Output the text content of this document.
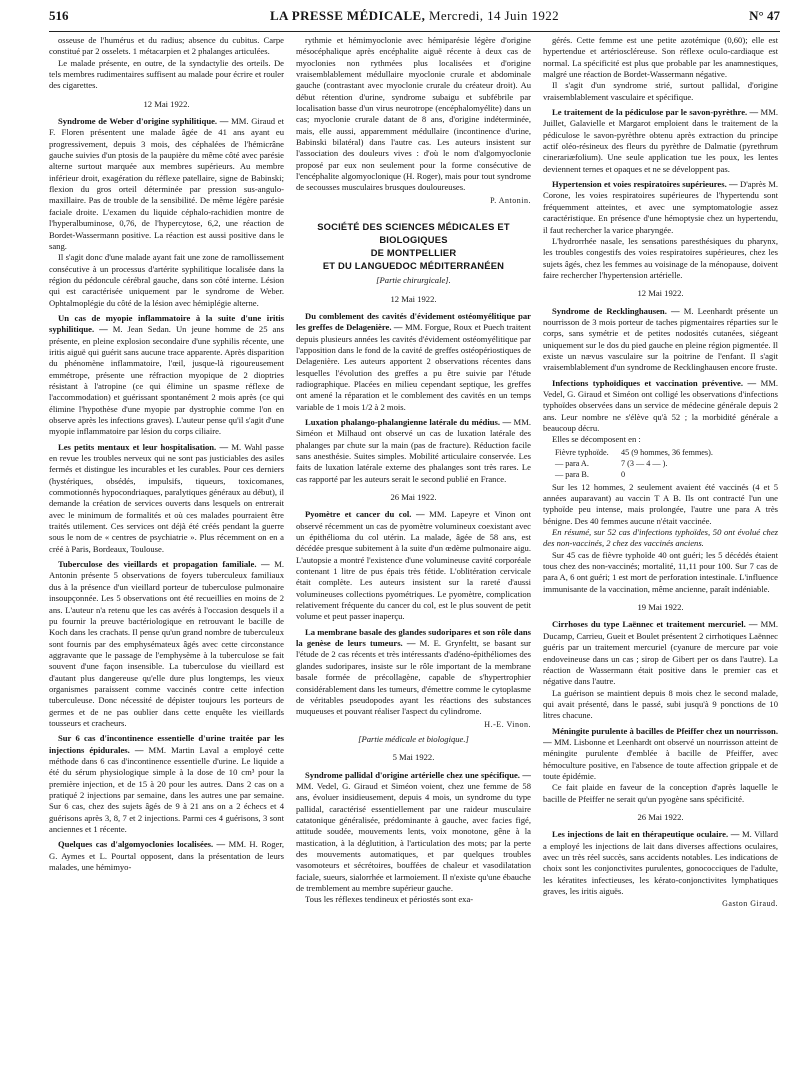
516	LA PRESSE MÉDICALE, Mercredi, 14 Juin 1922	N° 47

osseuse de l'humérus et du radius; absence du cubitus. Carpe constitué par 2 osselets. 1 métacarpien et 2 phalanges articulées.

Le malade présente, en outre, de la syndactylie des orteils. De tels membres rudimentaires suffisent au malade pour écrire et rouler des cigarettes.

12 Mai 1922.

Syndrome de Weber d'origine syphilitique. — MM. Giraud et F. Floren présentent une malade âgée de 41 ans ayant eu progressivement, depuis 3 mois, des céphalées de l'hémicrâne gauche suivies d'un ptosis de la paupière du même côté avec parésie alterne surtout marquée aux membres supérieurs. Au membre inférieur droit, exagération du réflexe patellaire, signe de Babinski; flexion du gros orteil déterminée par pression sus-angulo-maxillaire. Pas de trouble de la sensibilité. De même légère parésie faciale droite. L'examen du liquide céphalo-rachidien montre de l'hyperalbuminose, 0,76, de l'hypercytose, 6,2, une réaction de Bordet-Wassermann positive. La réaction est aussi positive dans le sang.

Il s'agit donc d'une malade ayant fait une zone de ramollissement consécutive à un processus d'artérite syphilitique localisée dans la région du pédoncule cérébral gauche, dans son côté interne. Lésion qui est caractérisée uniquement par le syndrome de Weber. Ophtalmoplégie du côté de la lésion avec hémiplégie alterne.

Un cas de myopie inflammatoire à la suite d'une iritis syphilitique. — M. Jean Sedan. Un jeune homme de 25 ans présente, en pleine explosion secondaire d'une syphilis récente, une iritis aiguë qui guérit sans aucune trace apparente. Après disparition du phénomène inflammatoire, l'œil, jusque-là rigoureusement emmétrope, présente une réfraction myopique de 2 dioptries résistant à l'atropine (ce qui élimine un spasme réflexe de l'accommodation) et guérissant spontanément 2 mois après (ce qui élimine l'hypothèse d'une myopie par dystrophie comme l'on en observe après les infections graves). L'auteur pense qu'il s'agit d'une myopie inflammatoire par lésion du corps ciliaire.

Les petits mentaux et leur hospitalisation. — M. Wahl passe en revue les troubles nerveux qui ne sont pas justiciables des asiles fermés et distingue les incurables et les curables. Pour ces derniers (hystériques, obsédés, impulsifs, tiqueurs, toxicomanes, commotionnés hypocondriaques, paralytiques généraux au début), il demande la création de services ouverts dans lesquels on entrerait avec le minimum de formalités et où ces malades pourraient être traités utilement. Ces services ont déjà été créés pendant la guerre sous le nom de « centres de psychiatrie ». Plus récemment on en a créé à Paris, Bordeaux, Toulouse.

Tuberculose des vieillards et propagation familiale. — M. Antonin présente 5 observations de foyers tuberculeux familiaux dus à la présence d'un vieillard porteur de tuberculose pulmonaire insoupçonnée. Les 5 observations ont été recueillies en moins de 2 ans. L'auteur n'a retenu que les cas avérés à l'occasion desquels il a pu fournir la preuve bactériologique en retrouvant le bacille de Koch dans les crachats. Il pense qu'un grand nombre de tuberculeux sont fournis par des emphysémateux âgés avec cette circonstance aggravante que le passage de l'emphysème à la tuberculose se fait souvent d'une façon insensible. La tuberculose du vieillard est d'autant plus dangereuse qu'elle dure plus longtemps, les vieux organismes paraissent comme vaccinés contre cette infection tuberculeuse. Donc nécessité de dépister toujours les porteurs de germes et de ne pas oublier dans cette enquête les vieillards tousseurs et cracheurs.

Sur 6 cas d'incontinence essentielle d'urine traitée par les injections épidurales. — MM. Martin Laval a employé cette méthode dans 6 cas d'incontinence essentielle d'urine. Le liquide a été du sérum physiologique simple à la dose de 10 cm³ pour la première injection, et de 15 à 20 pour les autres. Dans 2 cas on a pratiqué 2 injections par semaine, dans les autres une par semaine. Sur 6 cas, chez des sujets âgés de 9 à 21 ans on a 2 échecs et 4 guérisons après 3, 8, 7 et 2 injections. Parmi ces 4 guérisons, 3 sont anciennes et 1 récente.

Quelques cas d'algomyoclonies localisées. — MM. H. Roger, G. Aymes et L. Pourtal opposent, dans la présentation de leurs malades, une hémimyo-

rythmie et hémimyoclonie avec hémiparésie légère d'origine mésocéphalique après encéphalite aiguë récente à deux cas de myoclonies non rythmées plus localisées et d'origine vraisemblablement médullaire myoclonie crurale et abdominale gauche (contrastant avec myoclonie crurale du créateur droit). Au début rétention d'urine, syndrome subaigu et subfébrile par localisation basse d'un virus neurotrope (encéphalomyélite) dans un cas; myoclonie crurale datant de 8 ans, d'origine indéterminée, mais, elle aussi, apparemment médullaire (incontinence d'urine, Babinski bilatéral) dans l'autre cas. Les auteurs insistent sur l'association des douleurs vives : d'où le nom d'algomyoclonie proposé par eux non seulement pour la forme consécutive de l'encéphalite algomyoclonique (H. Roger), mais pour tout syndrome de secousses musculaires brusques douloureuses.

P. Antonin.
SOCIÉTÉ DES SCIENCES MÉDICALES ET BIOLOGIQUES
DE MONTPELLIER
ET DU LANGUEDOC MÉDITERRANÉEN
[Partie chirurgicale].
12 Mai 1922.

Du comblement des cavités d'évidement ostéomyélitique par les greffes de Delagenière. — MM. Forgue, Roux et Puech traitent depuis plusieurs années les cavités d'évidement ostéomyélitique par l'apposition dans le fond de la cavité de greffes ostéopériostiques de Delagenière. Les auteurs apportent 2 observations récentes dans lesquelles l'évolution des greffes a pu être suivie par l'étude radiographique. Placées en milieu cependant septique, les greffes ont amené la réparation et le comblement des cavités en un temps variable de 1 mois 1/2 à 2 mois.

Luxation phalango-phalangienne latérale du médius. — MM. Siméon et Milhaud ont observé un cas de luxation latérale des phalanges par chute sur la main (pas de fracture). Réduction facile sans anesthésie. Suites simples. Mobilité articulaire conservée. Les faits de luxation latérale externe des phalanges sont très rares. Le cas rapporté par les auteurs serait le second publié en France.

26 Mai 1922.

Pyomètre et cancer du col. — MM. Lapeyre et Vinon ont observé récemment un cas de pyomètre volumineux coexistant avec un épithélioma du col utérin. La malade, âgée de 58 ans, est décédée presque subitement à la suite d'un œdème pulmonaire aigu. L'autopsie a montré l'existence d'une volumineuse cavité corporéale contenant 1 litre de pus épais très fétide. L'oblitération cervicale était complète. Les auteurs insistent sur la rareté d'aussi volumineuses collections pyométriques. Le pyomètre, complication relativement fréquente du cancer du col, est le plus souvent de petit volume et peut passer inaperçu.

La membrane basale des glandes sudoripares et son rôle dans la genèse de leurs tumeurs. — M. E. Grynfeltt, se basant sur l'étude de 2 cas récents et très intéressants d'adéno-épithéliomes des glandes sudoripares, insiste sur le rôle important de la membrane basale formée de précollagène, capable de s'hypertrophier considérablement dans les tumeurs, d'émettre comme le cytoplasme de véritables pseudopodes ayant les réactions des substances muqueuses et pouvant réaliser l'aspect du cylindrome.

H.-E. Vinon.
[Partie médicale et biologique.]
5 Mai 1922.

Syndrome pallidal d'origine artérielle chez une spécifique. — MM. Vedel, G. Giraud et Siméon voient, chez une femme de 58 ans, évoluer insidieusement, depuis 4 mois, un syndrome du type pallidal, caractérisé essentiellement par une raideur musculaire catatonique généralisée, prédominante à gauche, avec facies figé, attitude soudée, mouvements lents, voix monotone, gêne à la mastication, à la déglutition, à l'articulation des mots; par la perte des mouvements automatiques, et par quelques troubles vasomoteurs et sécrétoires, bouffées de chaleur et vasodilatation faciale, sueurs, sialorrhée et larmoiement. Il n'existe qu'une ébauche de tremblement au membre supérieur gauche.

Tous les réflexes tendineux et périostés sont exa-

gérés. Cette femme est une petite azotémique (0,60); elle est hypertendue et artérioscléreuse. Son réflexe oculo-cardiaque est normal. La spécificité est plus que probable par les anamnestiques, malgré une réaction de Bordet-Wassermann négative.

Il s'agit d'un syndrome strié, surtout pallidal, d'origine vraisemblablement vasculaire et spécifique.

Le traitement de la pédiculose par le savon-pyrèthre. — MM. Juillet, Galavielle et Margarot emploient dans le traitement de la pédiculose le savon-pyrèthre obtenu après extraction du principe actif oléo-résineux des fleurs du pyrèthre de Dalmatie (pyrethrum cinerariæfolium). Une seule application tue les poux, les lentes deviennent ternes et opaques et ne se développent pas.

Hypertension et voies respiratoires supérieures. — D'après M. Corone, les voies respiratoires supérieures de l'hypertendu sont fréquemment atteintes, et avec une symptomatologie assez caractéristique. En présence d'une hémoptysie chez un hypertendu, il faut rechercher la varice pharyngée.

L'hydrorrhée nasale, les sensations paresthésiques du pharynx, les troubles congestifs des voies respiratoires supérieures, chez les sujets âgés, chez les femmes au voisinage de la ménopause, doivent faire rechercher l'hypertension artérielle.

12 Mai 1922.

Syndrome de Recklinghausen. — M. Leenhardt présente un nourrisson de 3 mois porteur de taches pigmentaires réparties sur le corps, sans symétrie et de petites nodosités cutanées, siégeant uniquement sur le dos du pied gauche en pleine région pigmentée. Il existe un nævus vasculaire sur la poitrine de l'enfant. Il s'agit vraisemblablement d'un syndrome de Recklinghausen encore fruste.

Infections typhoïdiques et vaccination préventive. — MM. Vedel, G. Giraud et Siméon ont colligé les observations d'infections typhoïdes observées dans un service de médecine générale depuis 2 ans. Leur nombre ne s'élève qu'à 52 ; la morbidité générale a beaucoup décru.

Elles se décomposent en :

Fièvre typhoïde.	45 (9 hommes, 36 femmes).
— para A.	7 (3 — 4 — ).
— para B.	0

Sur les 12 hommes, 2 seulement avaient été vaccinés (4 et 5 années auparavant) au vaccin T A B. Ils ont contracté l'un une typhoïde peu intense, mais prolongée, l'autre une para A très bénigne. Des 40 femmes aucune n'était vaccinée.

En résumé, sur 52 cas d'infections typhoïdes, 50 ont évolué chez des non-vaccinés, 2 chez des vaccinés anciens.

Sur 45 cas de fièvre typhoïde 40 ont guéri; les 5 décédés étaient tous chez des non-vaccinés; mortalité, 11,11 pour 100. Sur 7 cas de para A, 6 ont guéri; 1 est mort de perforation intestinale. L'influence immunisante de la vaccination, même ancienne, paraît indéniable.

19 Mai 1922.

Cirrhoses du type Laënnec et traitement mercuriel. — MM. Ducamp, Carrieu, Gueit et Boulet présentent 2 cirrhotiques Laënnec guéris par un traitement mercuriel (cyanure de mercure par voie endoveineuse dans un cas ; sirop de Gibert per os dans l'autre). La réaction de Wassermann était positive dans le premier cas et négative dans l'autre.

La guérison se maintient depuis 8 mois chez le second malade, qui avait présenté, dans le passé, subi jusqu'à 9 ponctions de 10 litres chacune.

Méningite purulente à bacilles de Pfeiffer chez un nourrisson. — MM. Lisbonne et Leenhardt ont observé un nourrisson atteint de méningite purulente d'emblée à bacille de Pfeiffer, avec hémoculture positive, en l'absence de toute affection grippale et de toute épidémie.

Ce fait plaide en faveur de la conception d'après laquelle le bacille de Pfeiffer ne serait qu'un pyogène sans spécificité.

26 Mai 1922.

Les injections de lait en thérapeutique oculaire. — M. Villard a employé les injections de lait dans diverses affections oculaires, avec un très réel succès, sans accidents notables. Les indications de choix sont les conjonctivites purulentes, gonococciques de l'adulte, les kératites infectieuses, les kérato-conjonctivites lymphatiques graves, les iritis aiguës.

Gaston Giraud.
